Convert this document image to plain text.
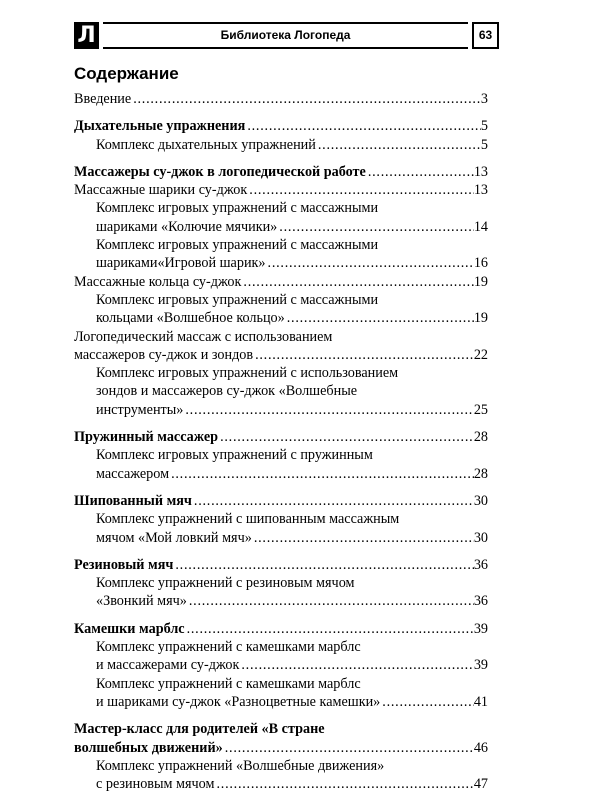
Л	Библиотека Логопеда	63
Содержание
Введение . . .	3
Дыхательные упражнения . . .	5
Комплекс дыхательных упражнений . . .	5
Массажеры су-джок в логопедической работе . . .	13
Массажные шарики су-джок . . .	13
Комплекс игровых упражнений с массажными
шариками «Колючие мячики» . . .	14
Комплекс игровых упражнений с массажными
шариками«Игровой шарик» . . .	16
Массажные кольца су-джок . . .	19
Комплекс игровых упражнений с массажными
кольцами «Волшебное кольцо» . . .	19
Логопедический массаж с использованием
массажеров су-джок и зондов . . .	22
Комплекс игровых упражнений с использованием
зондов и массажеров су-джок «Волшебные
инструменты» . . .	25
Пружинный массажер . . .	28
Комплекс игровых упражнений с пружинным
массажером . . .	28
Шипованный мяч . . .	30
Комплекс упражнений с шипованным массажным
мячом «Мой ловкий мяч» . . .	30
Резиновый мяч . . .	36
Комплекс упражнений с резиновым мячом
«Звонкий мяч» . . .	36
Камешки марблс . . .	39
Комплекс упражнений с камешками марблс
и массажерами су-джок . . .	39
Комплекс упражнений с камешками марблс
и шариками су-джок «Разноцветные камешки» . . .	41
Мастер-класс для родителей «В стране
волшебных движений» . . .	46
Комплекс упражнений «Волшебные движения»
с резиновым мячом . . .	47
